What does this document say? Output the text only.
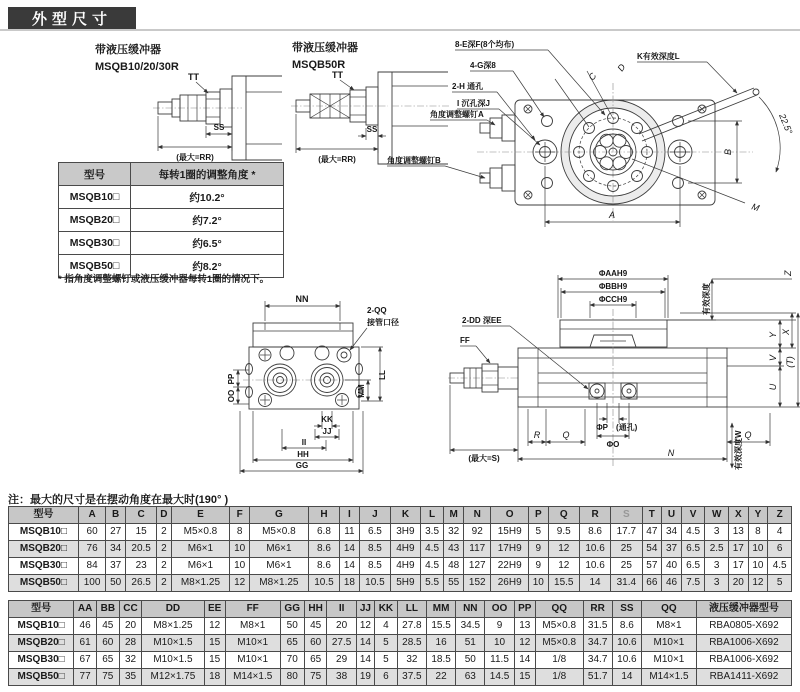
外型尺寸
带液压缓冲器
MSQB10/20/30R
带液压缓冲器
MSQB50R
TT
SS
(最大=RR)
TT
SS
(最大=RR)
22.5°
A
B
C
D
M
8-E深F(8个均布)
4-G深8
2-H 通孔
I 沉孔深J
角度调整螺钉A
角度调整螺钉B
K有效深度L
型号	每转1圈的调整角度 *
MSQB10□	约10.2°
MSQB20□	约7.2°
MSQB30□	约6.5°
MSQB50□	约8.2°
* 指角度调整螺钉或液压缓冲器每转1圈的情况下。
NN
2-QQ
接管口径
PP
OO
LL
MM
KK
JJ
II
HH
GG
ΦAAH9
ΦBBH9
ΦCCH9
FF
2-DD 深EE
Y X
V
U
(T)
Z
有效深度
ΦP (通孔)
ΦO
R Q	Q
(最大=S)
N	有效深度W
注：最大的尺寸是在摆动角度在最大时(190° )
型号	A	B	C	D	E	F	G	H	I	J	K	L	M	N	O	P	Q	R	S	T	U	V	W	X	Y	Z
MSQB10□	60	27	15	2	M5×0.8	8	M5×0.8	6.8	11	6.5	3H9	3.5	32	92	15H9	5	9.5	8.6	17.7	47	34	4.5	3	13	8	4
MSQB20□	76	34	20.5	2	M6×1	10	M6×1	8.6	14	8.5	4H9	4.5	43	117	17H9	9	12	10.6	25	54	37	6.5	2.5	17	10	6
MSQB30□	84	37	23	2	M6×1	10	M6×1	8.6	14	8.5	4H9	4.5	48	127	22H9	9	12	10.6	25	57	40	6.5	3	17	10	4.5
MSQB50□	100	50	26.5	2	M8×1.25	12	M8×1.25	10.5	18	10.5	5H9	5.5	55	152	26H9	10	15.5	14	31.4	66	46	7.5	3	20	12	5
型号	AA	BB	CC	DD	EE	FF	GG	HH	II	JJ	KK	LL	MM	NN	OO	PP	QQ	RR	SS	QQ	液压缓冲器型号
MSQB10□	46	45	20	M8×1.25	12	M8×1	50	45	20	12	4	27.8	15.5	34.5	9	13	M5×0.8	31.5	8.6	M8×1	RBA0805-X692
MSQB20□	61	60	28	M10×1.5	15	M10×1	65	60	27.5	14	5	28.5	16	51	10	12	M5×0.8	34.7	10.6	M10×1	RBA1006-X692
MSQB30□	67	65	32	M10×1.5	15	M10×1	70	65	29	14	5	32	18.5	50	11.5	14	1/8	34.7	10.6	M10×1	RBA1006-X692
MSQB50□	77	75	35	M12×1.75	18	M14×1.5	80	75	38	19	6	37.5	22	63	14.5	15	1/8	51.7	14	M14×1.5	RBA1411-X692
